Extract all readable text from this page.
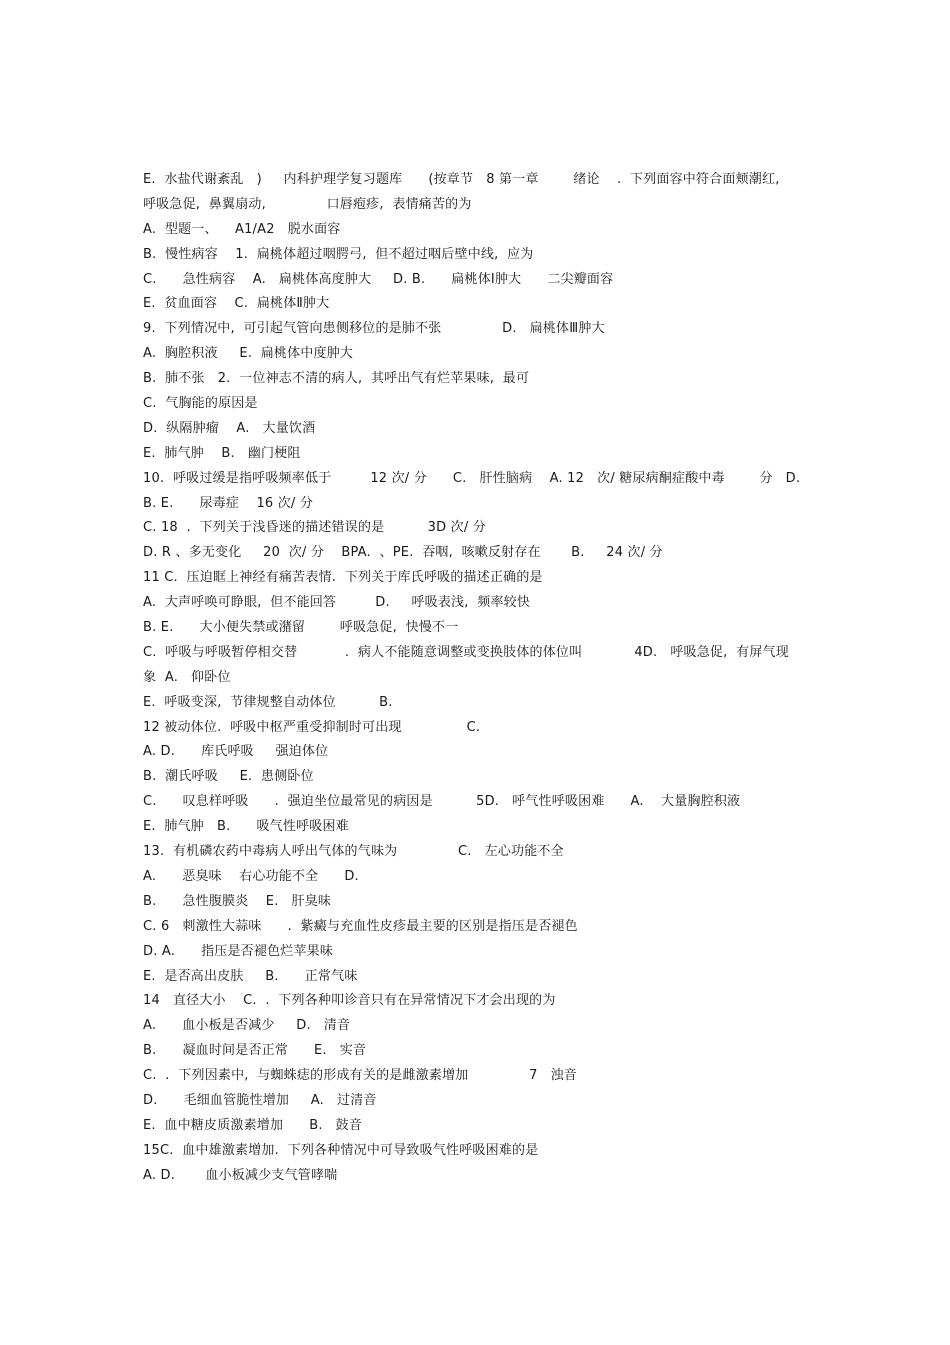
E.  水盐代谢紊乱   )     内科护理学复习题库      (按章节   8 第一章        绪论    .  下列面容中符合面颊潮红,
呼吸急促,  鼻翼扇动,              口唇疱疹,  表情痛苦的为
A.  型题一、    A1/A2   脱水面容
B.  慢性病容    1.  扁桃体超过咽腭弓,  但不超过咽后壁中线,  应为
C.      急性病容    A.   扁桃体高度肿大     D. B.      扁桃体Ⅰ肿大      二尖瓣面容
E.  贫血面容    C.  扁桃体Ⅱ肿大
9.  下列情况中,  可引起气管向患侧移位的是肺不张              D.   扁桃体Ⅲ肿大
A.  胸腔积液     E.  扁桃体中度肿大
B.  肺不张   2.  一位神志不清的病人,  其呼出气有烂苹果味,  最可
C.  气胸能的原因是
D.  纵隔肿瘤    A.   大量饮酒
E.  肺气肿    B.   幽门梗阻
10.  呼吸过缓是指呼吸频率低于         12 次/ 分      C.   肝性脑病    A. 12   次/ 糖尿病酮症酸中毒        分   D.
B. E.      尿毒症    16 次/ 分
C. 18  .  下列关于浅昏迷的描述错误的是          3D 次/ 分
D. R 、多无变化     20  次/ 分    BPA.  、PE.  吞咽,  咳嗽反射存在       B.     24 次/ 分
11 C.  压迫眶上神经有痛苦表情.  下列关于库氏呼吸的描述正确的是
A.  大声呼唤可睁眼,  但不能回答         D.     呼吸表浅,  频率较快
B. E.      大小便失禁或潴留        呼吸急促,  快慢不一
C.  呼吸与呼吸暂停相交替           .  病人不能随意调整或变换肢体的体位叫            4D.   呼吸急促,  有屏气现
象  A.   仰卧位
E.  呼吸变深,  节律规整自动体位          B.
12 被动体位.  呼吸中枢严重受抑制时可出现               C.
A. D.      库氏呼吸     强迫体位
B.  潮氏呼吸     E.  患侧卧位
C.      叹息样呼吸      .  强迫坐位最常见的病因是          5D.   呼气性呼吸困难      A.    大量胸腔积液
E.  肺气肿   B.      吸气性呼吸困难
13.  有机磷农药中毒病人呼出气体的气味为              C.   左心功能不全
A.      恶臭味    右心功能不全      D.
B.      急性腹膜炎    E.   肝臭味
C. 6   刺激性大蒜味      .  紫癜与充血性皮疹最主要的区别是指压是否褪色
D. A.      指压是否褪色烂苹果味
E.  是否高出皮肤     B.      正常气味
14   直径大小    C.  .  下列各种叩诊音只有在异常情况下才会出现的为
A.      血小板是否减少     D.   清音
B.      凝血时间是否正常      E.   实音
C.  .  下列因素中,  与蜘蛛痣的形成有关的是雌激素增加              7   浊音
D.      毛细血管脆性增加     A.   过清音
E.  血中糖皮质激素增加      B.   鼓音
15C.  血中雄激素增加.  下列各种情况中可导致吸气性呼吸困难的是
A. D.       血小板减少支气管哮喘
